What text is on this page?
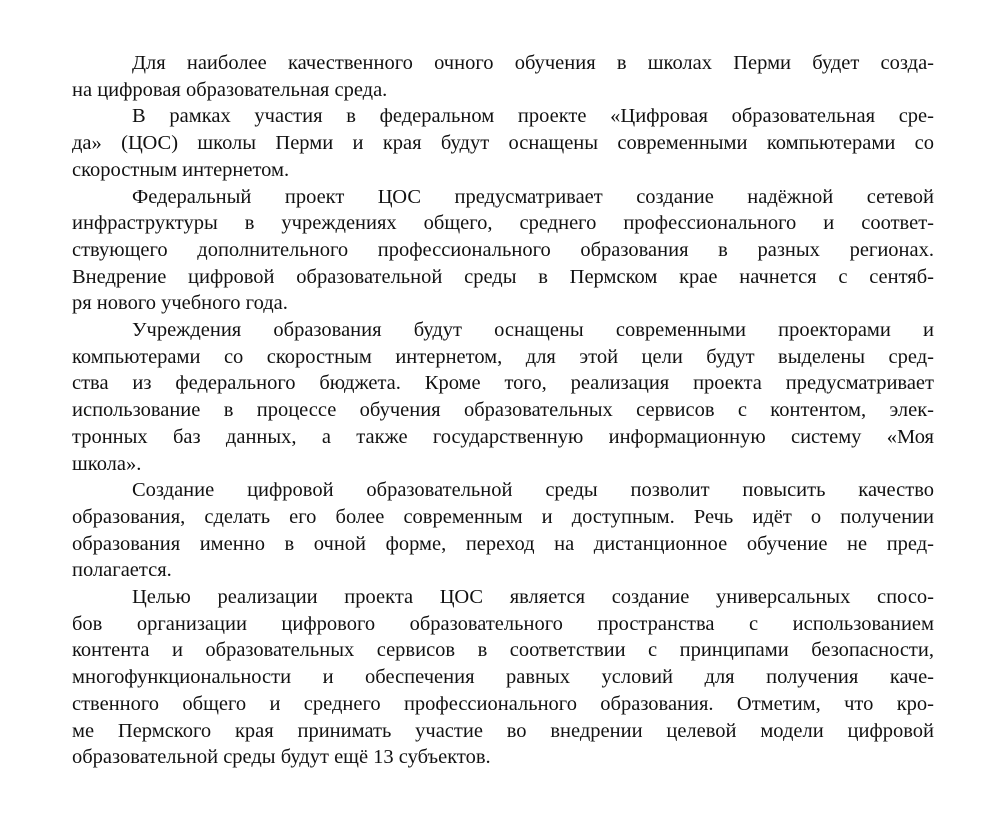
Для наиболее качественного очного обучения в школах Перми будет созда-
на цифровая образовательная среда.

В рамках участия в федеральном проекте «Цифровая образовательная сре-
да» (ЦОС) школы Перми и края будут оснащены современными компьютерами со
скоростным интернетом.

Федеральный проект ЦОС предусматривает создание надёжной сетевой
инфраструктуры в учреждениях общего, среднего профессионального и соответ-
ствующего дополнительного профессионального образования в разных регионах.
Внедрение цифровой образовательной среды в Пермском крае начнется с сентяб-
ря нового учебного года.

Учреждения образования будут оснащены современными проекторами и
компьютерами со скоростным интернетом, для этой цели будут выделены сред-
ства из федерального бюджета. Кроме того, реализация проекта предусматривает
использование в процессе обучения образовательных сервисов с контентом, элек-
тронных баз данных, а также государственную информационную систему «Моя
школа».

Создание цифровой образовательной среды позволит повысить качество
образования, сделать его более современным и доступным. Речь идёт о получении
образования именно в очной форме, переход на дистанционное обучение не пред-
полагается.

Целью реализации проекта ЦОС является создание универсальных спосо-
бов организации цифрового образовательного пространства с использованием
контента и образовательных сервисов в соответствии с принципами безопасности,
многофункциональности и обеспечения равных условий для получения каче-
ственного общего и среднего профессионального образования. Отметим, что кро-
ме Пермского края принимать участие во внедрении целевой модели цифровой
образовательной среды будут ещё 13 субъектов.
